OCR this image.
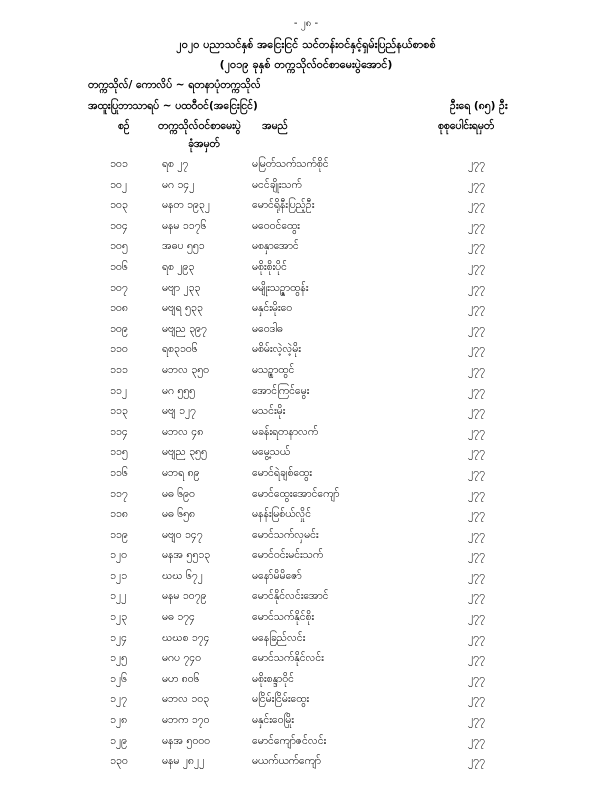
- ၂၈ -
၂၀၂၀ ပညာသင်နှစ် အငြေးငြင် သင်တန်းဝင်နှင့်ရှမ်းပြည်နယ်စာစစ်
(၂၀၁၉ ခုနှစ် တက္ကသိုလ်ဝင်စာမေးပွဲအောင်)
တက္ကသိုလ်/ ကောလိပ် ~ ရတနာပုံတက္ကသိုလ်
အထူးပြုဘာသာရပ် ~ ပထဝီဝင်(အငြေးငြင်)	ဦးရေ (၈၅) ဦး
စဉ်	တက္ကသိုလ်ဝင်စာမေးပွဲ
ခုံအမှတ်
အမည်	စုစုပေါင်းရမှတ်
၁၀၁	ရစ ၂၇	မမြတ်သက်သက်စိုင်	၂၇၇
၁၀၂	မဂ ၁၄၂	မငင်ချိုးသက်	၂၇၇
၁၀၃	မနတ ၁၉၃၂	မောင်ရိုနီးပြည့်ဦး	၂၇၇
၁၀၄	မနမ ၁၁၇၆	မဝေဝင်ထွေး	၂၇၇
၁၀၅	အဓပ ၅၅၁	မစနှာအောင်	၂၇၇
၁၀၆	ရစ ၂၉၃	မစိုးစိုးပိုင်	၂၇၇
၁၀၇	မဗျာ ၂၃၃	မမျိုးသဉ္ဇာထွန်း	၂၇၇
၁၀၈	မဗျရ ၅၃၃	မနှင်းမိုးဝေ	၂၇၇
၁၀၉	မဗျည ၃၉၇	မဝေဒါဓ	၂၇၇
၁၁၀	ရစ၃၁၀၆	မစိမ်းလဲ့လဲ့မိုး	၂၇၇
၁၁၁	မဘလ ၃၅၀	မသဥ္စာထွင်	၂၇၇
၁၁၂	မဂ ၅၅၅	အောင်ကြင်မွေး	၂၇၇
၁၁၃	မဗျ ၁၂၇	မသင်းမိုး	၂၇၇
၁၁၄	မဘလ ၄၈	မခန်းရတနာလက်	၂၇၇
၁၁၅	မဗျည ၃၅၅	မမွေ့သယ်	၂၇၇
၁၁၆	မဘရ ၈၉	မောင်ရဲချစ်ထွေး	၂၇၇
၁၁၇	မဓ ၆၉၀	မောင်ထွေးအောင်ကျော်	၂၇၇
၁၁၈	မဓ ၆၅၈	မနန်းမြစ်ယ်လှိုင်	၂၇၇
၁၁၉	မဗျ၀ ၁၄၇	မောင်သက်လှမင်း	၂၇၇
၁၂၀	မနအ ၅၅၁၃	မောင်ဝင်းမင်းသက်	၂၇၇
၁၂၁	ဃဃ ၆၇၂	မနော်မိမိဇော်	၂၇၇
၁၂၂	မနမ ၁၀၇၉	မောင်နိုင်လင်းအောင်	၂၇၇
၁၂၃	မဓ ၁၇၄	မောင်သက်နိုင်စိုး	၂၇၇
၁၂၄	ဃဃစ ၁၇၄	မနေခြည်လင်း	၂၇၇
၁၂၅	မဂပ ၇၄၀	မောင်သက်နိုင်လင်း	၂၇၇
၁၂၆	မဟ ၈၀၆	မစိုးစန္ဒာဝိုင်	၂၇၇
၁၂၇	မဘလ ၁၀၃	မငြိမ်းငြိမ်းထွေး	၂၇၇
၁၂၈	မဘက ၁၇၀	မနှင်းဝေမြိုး	၂၇၇
၁၂၉	မနအ ၅၀၀၀	မောင်ကျော်ဇင်လင်း	၂၇၇
၁၃၀	မနမ ၂၈၂၂	မယက်ယက်ကျော်	၂၇၇
